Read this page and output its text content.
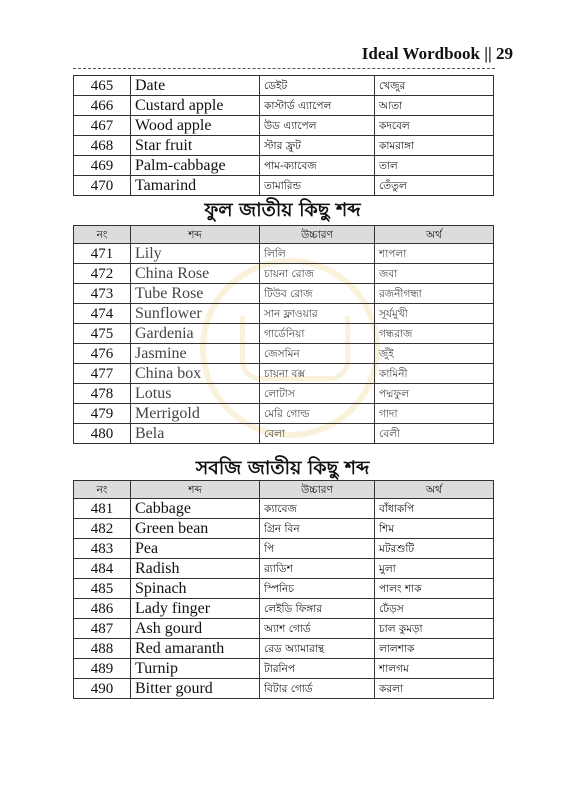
Ideal Wordbook || 29
465	Date	ডেইট	খেজুর
466	Custard apple	কাস্টার্ড এ্যাপেল	আতা
467	Wood apple	উড এ্যাপেল	কদবেল
468	Star fruit	স্টার ফ্রুট	কামরাঙ্গা
469	Palm-cabbage	পাম-ক্যাবেজ	তাল
470	Tamarind	তামারিন্ড	তেঁতুল
ফুল জাতীয় কিছু শব্দ
নং	শব্দ	উচ্চারণ	অর্থ
471	Lily	লিলি	শাপলা
472	China Rose	চায়না রোজ	জবা
473	Tube Rose	টিউব রোজ	রজনীগন্ধা
474	Sunflower	সান ফ্লাওয়ার	সূর্যমুখী
475	Gardenia	গার্ডেনিয়া	গন্ধরাজ
476	Jasmine	জেসমিন	জুঁই
477	China box	চায়না বক্স	কামিনী
478	Lotus	লোটাস	পদ্মফুল
479	Merrigold	মেরি গোল্ড	গাদা
480	Bela	বেলা	বেলী
সবজি জাতীয় কিছু শব্দ
নং	শব্দ	উচ্চারণ	অর্থ
481	Cabbage	ক্যাবেজ	বাঁধাকপি
482	Green bean	গ্রিন বিন	শিম
483	Pea	পি	মটরশুটি
484	Radish	র‍্যাডিশ	মুলা
485	Spinach	স্পিনিচ	পালং শাক
486	Lady finger	লেইডি ফিঙ্গার	ঢেঁড়স
487	Ash gourd	অ্যাশ গোর্ড	চাল কুমড়া
488	Red amaranth	রেড অ্যামারান্থ	লালশাক
489	Turnip	টারনিপ	শালগম
490	Bitter gourd	বিটার গোর্ড	করলা
